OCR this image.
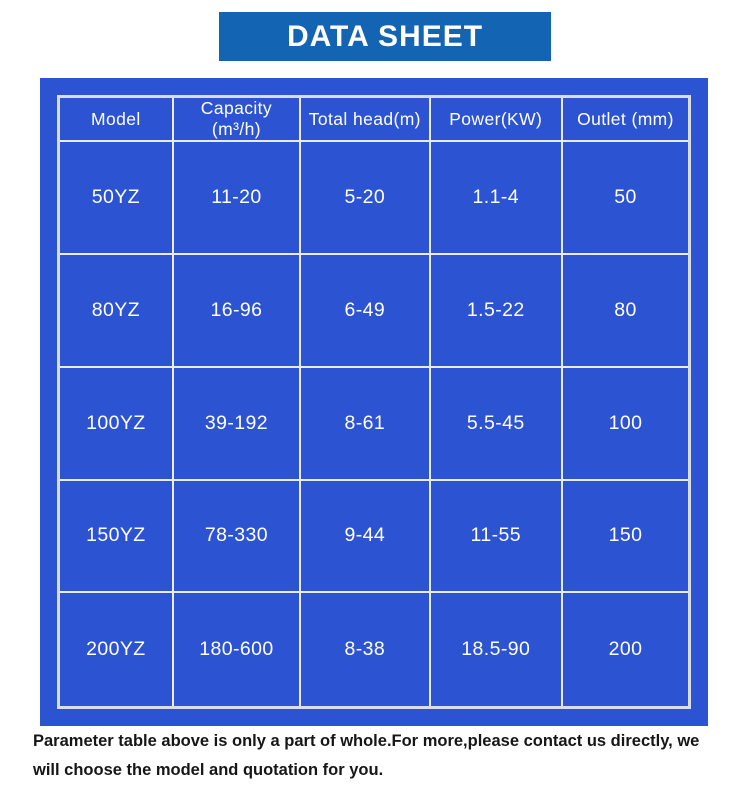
DATA SHEET
Model	Capacity (m³/h)	Total head(m)	Power(KW)	Outlet (mm)
50YZ	11-20	5-20	1.1-4	50
80YZ	16-96	6-49	1.5-22	80
100YZ	39-192	8-61	5.5-45	100
150YZ	78-330	9-44	11-55	150
200YZ	180-600	8-38	18.5-90	200

Parameter table above is only a part of whole.For more,please contact us directly, we
will choose the model and quotation for you.
